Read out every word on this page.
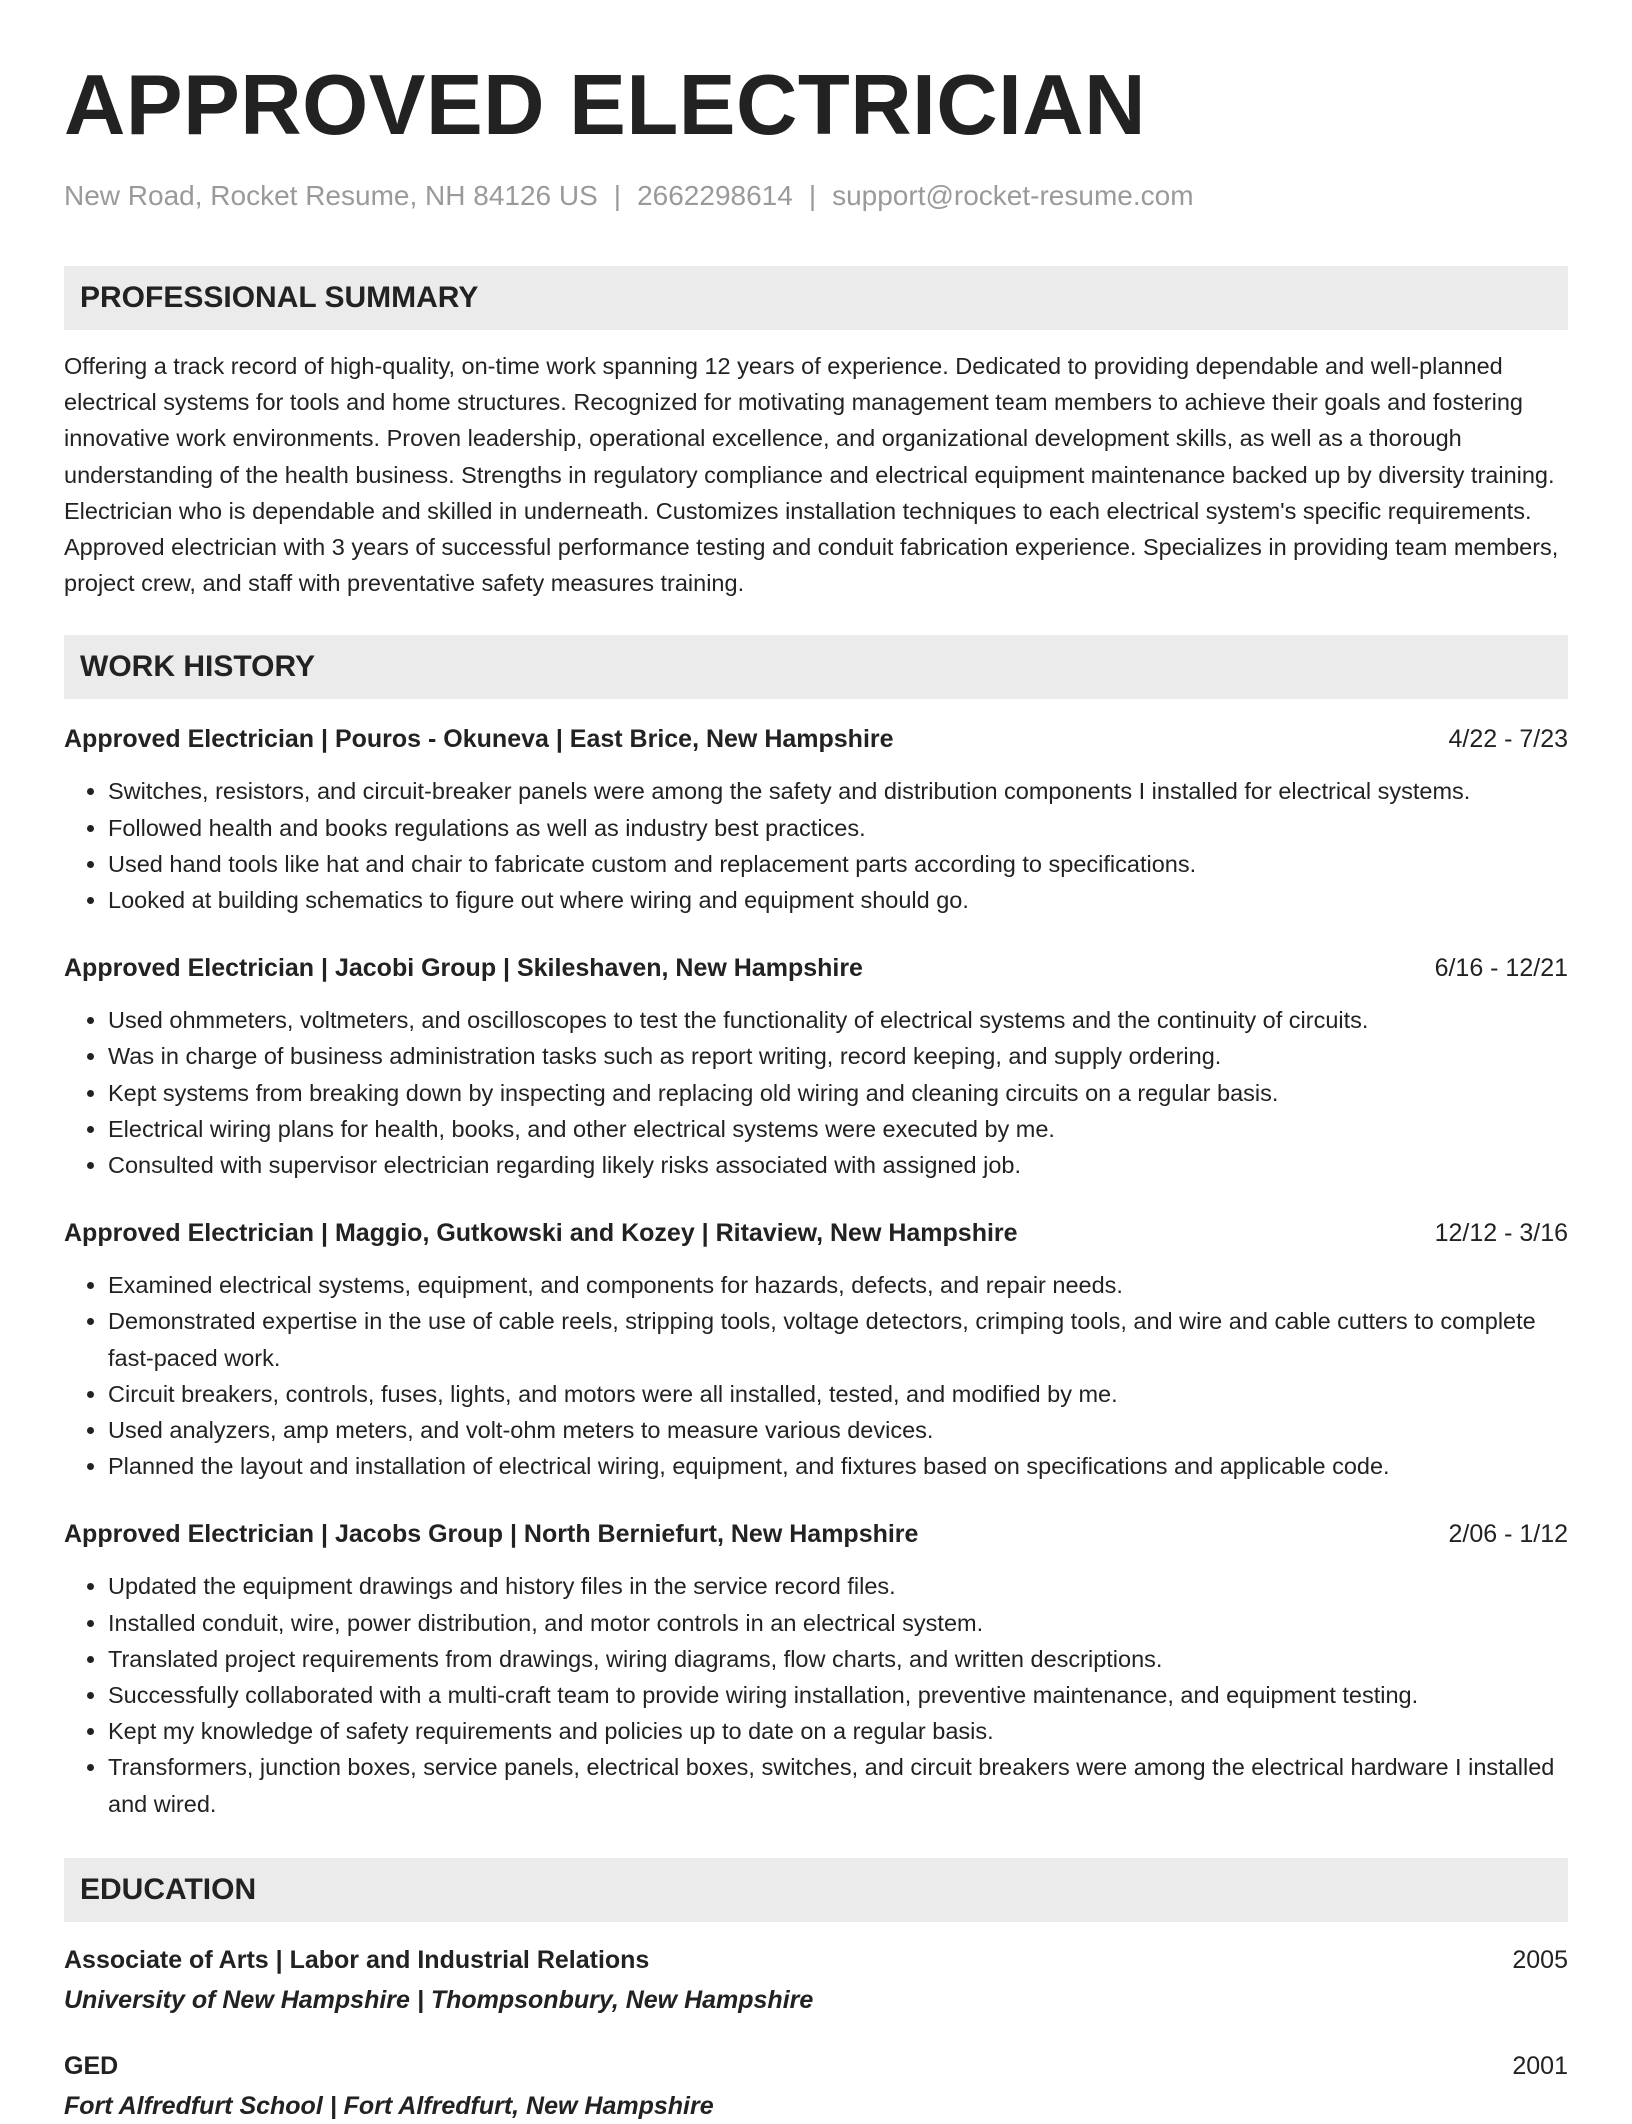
APPROVED ELECTRICIAN
New Road, Rocket Resume, NH 84126 US | 2662298614 | support@rocket-resume.com
PROFESSIONAL SUMMARY
Offering a track record of high-quality, on-time work spanning 12 years of experience. Dedicated to providing dependable and well-planned electrical systems for tools and home structures. Recognized for motivating management team members to achieve their goals and fostering innovative work environments. Proven leadership, operational excellence, and organizational development skills, as well as a thorough understanding of the health business. Strengths in regulatory compliance and electrical equipment maintenance backed up by diversity training. Electrician who is dependable and skilled in underneath. Customizes installation techniques to each electrical system's specific requirements. Approved electrician with 3 years of successful performance testing and conduit fabrication experience. Specializes in providing team members, project crew, and staff with preventative safety measures training.
WORK HISTORY
Approved Electrician | Pouros - Okuneva | East Brice, New Hampshire	4/22 - 7/23
• Switches, resistors, and circuit-breaker panels were among the safety and distribution components I installed for electrical systems.
• Followed health and books regulations as well as industry best practices.
• Used hand tools like hat and chair to fabricate custom and replacement parts according to specifications.
• Looked at building schematics to figure out where wiring and equipment should go.
Approved Electrician | Jacobi Group | Skileshaven, New Hampshire	6/16 - 12/21
• Used ohmmeters, voltmeters, and oscilloscopes to test the functionality of electrical systems and the continuity of circuits.
• Was in charge of business administration tasks such as report writing, record keeping, and supply ordering.
• Kept systems from breaking down by inspecting and replacing old wiring and cleaning circuits on a regular basis.
• Electrical wiring plans for health, books, and other electrical systems were executed by me.
• Consulted with supervisor electrician regarding likely risks associated with assigned job.
Approved Electrician | Maggio, Gutkowski and Kozey | Ritaview, New Hampshire	12/12 - 3/16
• Examined electrical systems, equipment, and components for hazards, defects, and repair needs.
• Demonstrated expertise in the use of cable reels, stripping tools, voltage detectors, crimping tools, and wire and cable cutters to complete fast-paced work.
• Circuit breakers, controls, fuses, lights, and motors were all installed, tested, and modified by me.
• Used analyzers, amp meters, and volt-ohm meters to measure various devices.
• Planned the layout and installation of electrical wiring, equipment, and fixtures based on specifications and applicable code.
Approved Electrician | Jacobs Group | North Berniefurt, New Hampshire	2/06 - 1/12
• Updated the equipment drawings and history files in the service record files.
• Installed conduit, wire, power distribution, and motor controls in an electrical system.
• Translated project requirements from drawings, wiring diagrams, flow charts, and written descriptions.
• Successfully collaborated with a multi-craft team to provide wiring installation, preventive maintenance, and equipment testing.
• Kept my knowledge of safety requirements and policies up to date on a regular basis.
• Transformers, junction boxes, service panels, electrical boxes, switches, and circuit breakers were among the electrical hardware I installed and wired.
EDUCATION
Associate of Arts | Labor and Industrial Relations	2005
University of New Hampshire | Thompsonbury, New Hampshire
GED	2001
Fort Alfredfurt School | Fort Alfredfurt, New Hampshire
